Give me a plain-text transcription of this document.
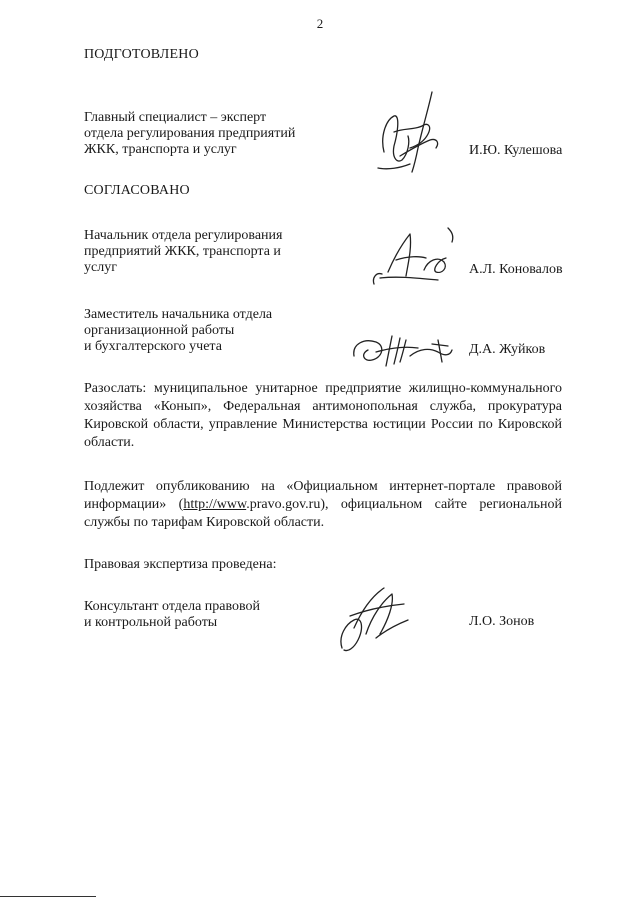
2
ПОДГОТОВЛЕНО
Главный специалист – эксперт
отдела регулирования предприятий
ЖКК, транспорта и услуг	И.Ю. Кулешова
СОГЛАСОВАНО
Начальник отдела регулирования
предприятий ЖКК, транспорта и
услуг	А.Л. Коновалов
Заместитель начальника отдела
организационной работы
и бухгалтерского учета	Д.А. Жуйков
Разослать: муниципальное унитарное предприятие жилищно-коммунального хозяйства «Конып», Федеральная антимонопольная служба, прокуратура Кировской области, управление Министерства юстиции России по Кировской области.
Подлежит опубликованию на «Официальном интернет-портале правовой информации» (http://www.pravo.gov.ru), официальном сайте региональной службы по тарифам Кировской области.
Правовая экспертиза проведена:
Консультант отдела правовой
и контрольной работы	Л.О. Зонов
